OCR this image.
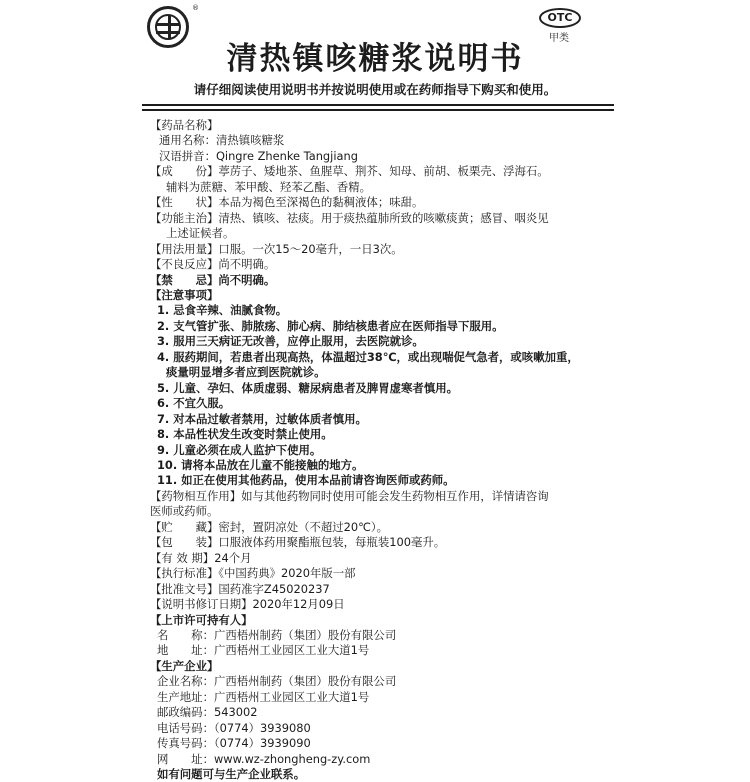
®
OTC
甲类
清热镇咳糖浆说明书
请仔细阅读使用说明书并按说明使用或在药师指导下购买和使用。
【药品名称】
通用名称：清热镇咳糖浆
汉语拼音：Qingre Zhenke Tangjiang
【成　　份】葶苈子、矮地茶、鱼腥草、荆芥、知母、前胡、板栗壳、浮海石。
辅料为蔗糖、苯甲酸、羟苯乙酯、香精。
【性　　状】本品为褐色至深褐色的黏稠液体；味甜。
【功能主治】清热、镇咳、祛痰。用于痰热蕴肺所致的咳嗽痰黄；感冒、咽炎见
上述证候者。
【用法用量】口服。一次15～20毫升，一日3次。
【不良反应】尚不明确。
【禁　　忌】尚不明确。
【注意事项】
1. 忌食辛辣、油腻食物。
2. 支气管扩张、肺脓疡、肺心病、肺结核患者应在医师指导下服用。
3. 服用三天病证无改善，应停止服用，去医院就诊。
4. 服药期间，若患者出现高热，体温超过38℃，或出现喘促气急者，或咳嗽加重，
痰量明显增多者应到医院就诊。
5. 儿童、孕妇、体质虚弱、糖尿病患者及脾胃虚寒者慎用。
6. 不宜久服。
7. 对本品过敏者禁用，过敏体质者慎用。
8. 本品性状发生改变时禁止使用。
9. 儿童必须在成人监护下使用。
10. 请将本品放在儿童不能接触的地方。
11. 如正在使用其他药品，使用本品前请咨询医师或药师。
【药物相互作用】如与其他药物同时使用可能会发生药物相互作用，详情请咨询
医师或药师。
【贮　　藏】密封，置阴凉处（不超过20℃）。
【包　　装】口服液体药用聚酯瓶包装，每瓶装100毫升。
【有 效 期】24个月
【执行标准】《中国药典》2020年版一部
【批准文号】国药准字Z45020237
【说明书修订日期】2020年12月09日
【上市许可持有人】
名　　称：广西梧州制药（集团）股份有限公司
地　　址：广西梧州工业园区工业大道1号
【生产企业】
企业名称：广西梧州制药（集团）股份有限公司
生产地址：广西梧州工业园区工业大道1号
邮政编码：543002
电话号码：（0774）3939080
传真号码：（0774）3939090
网　　址：www.wz-zhongheng-zy.com
如有问题可与生产企业联系。
